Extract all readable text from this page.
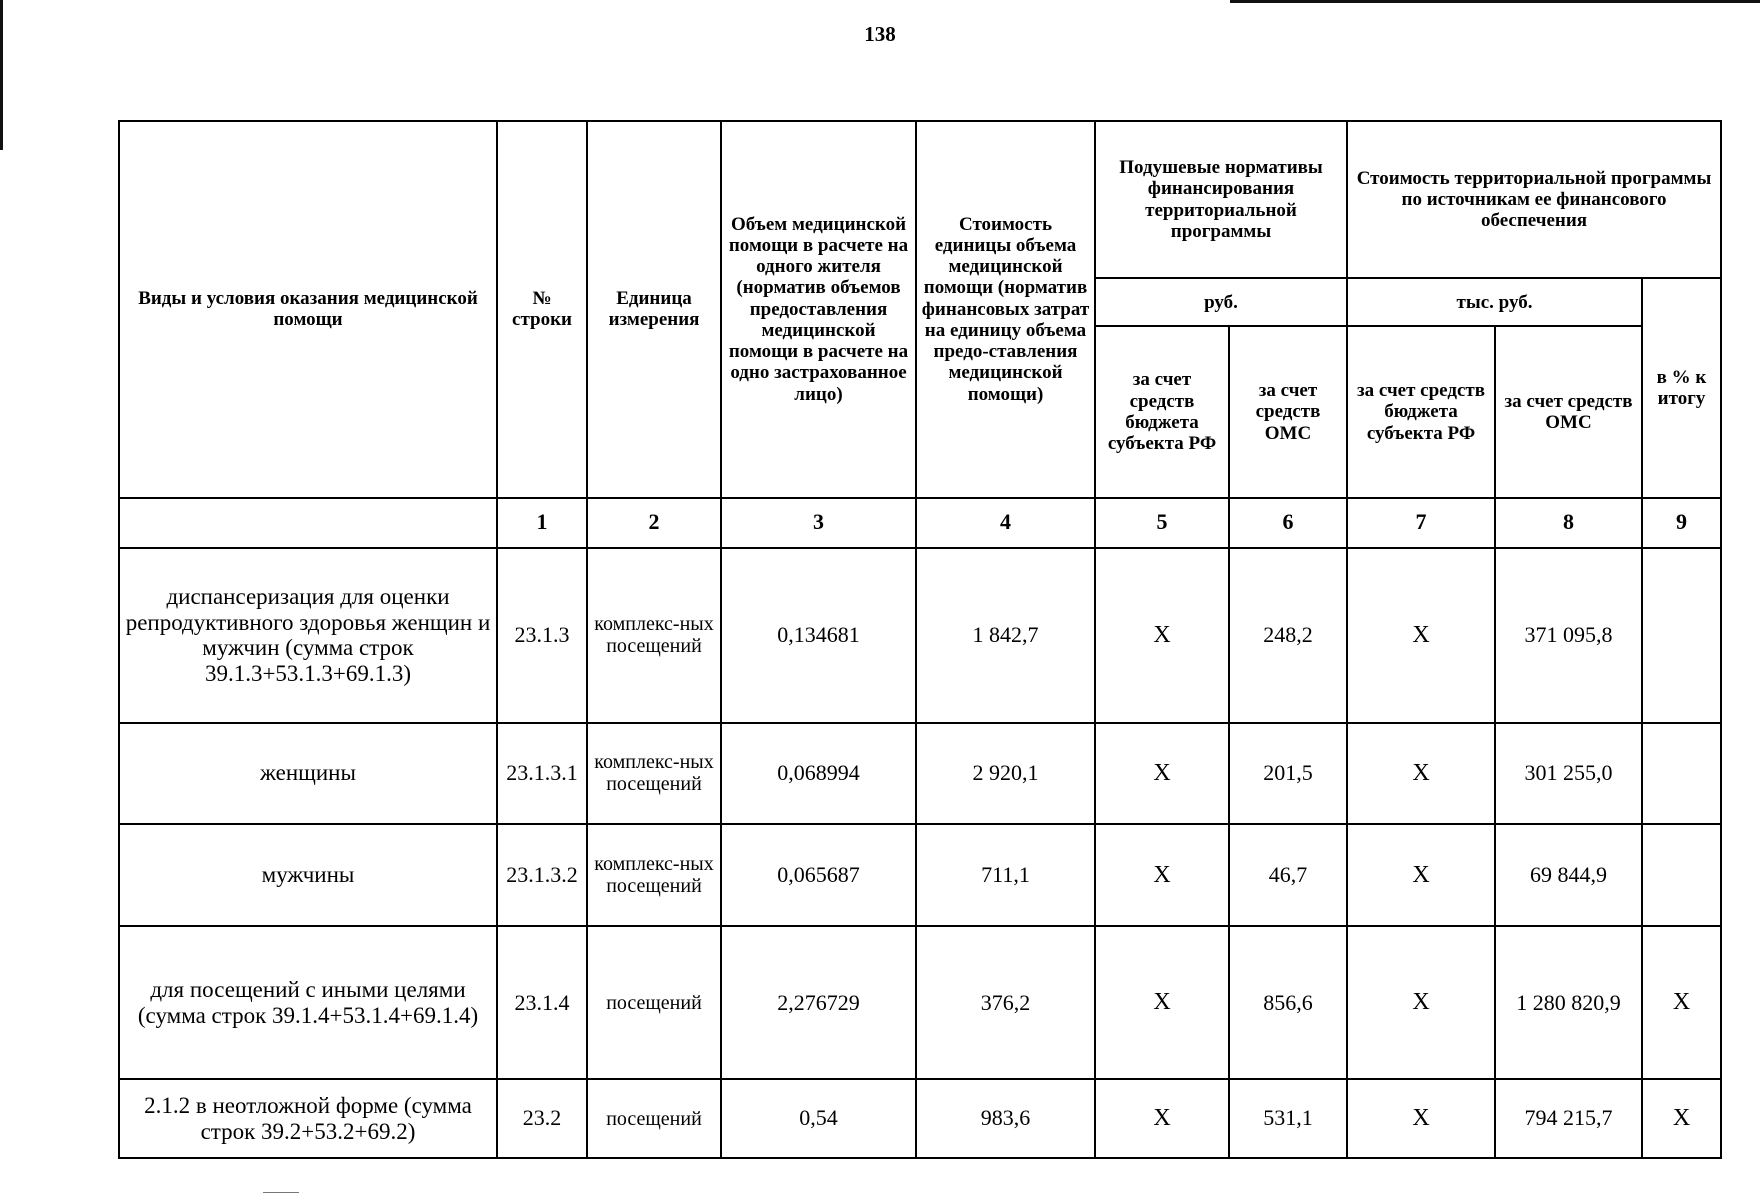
138
Виды и условия оказания медицинской помощи	№ строки	Единица измерения	Объем медицинской помощи в расчете на одного жителя (норматив объемов предоставления медицинской помощи в расчете на одно застрахованное лицо)	Стоимость единицы объема медицинской помощи (норматив финансовых затрат на единицу объема предо-ставления медицинской помощи)	Подушевые нормативы финансирования территориальной программы		Стоимость территориальной программы по источникам ее финансового обеспечения		
					руб.		тыс. руб.		в % к итогу
					за счет средств бюджета субъекта РФ	за счет средств ОМС	за счет средств бюджета субъекта РФ	за счет средств ОМС	
	1	2	3	4	5	6	7	8	9
диспансеризация для оценки репродуктивного здоровья женщин и мужчин (сумма строк 39.1.3+53.1.3+69.1.3)	23.1.3	комплекс-ных посещений	0,134681	1 842,7	X	248,2	X	371 095,8	
женщины	23.1.3.1	комплекс-ных посещений	0,068994	2 920,1	X	201,5	X	301 255,0	
мужчины	23.1.3.2	комплекс-ных посещений	0,065687	711,1	X	46,7	X	69 844,9	
для посещений с иными целями (сумма строк 39.1.4+53.1.4+69.1.4)	23.1.4	посещений	2,276729	376,2	X	856,6	X	1 280 820,9	X
2.1.2 в неотложной форме (сумма строк 39.2+53.2+69.2)	23.2	посещений	0,54	983,6	X	531,1	X	794 215,7	X
